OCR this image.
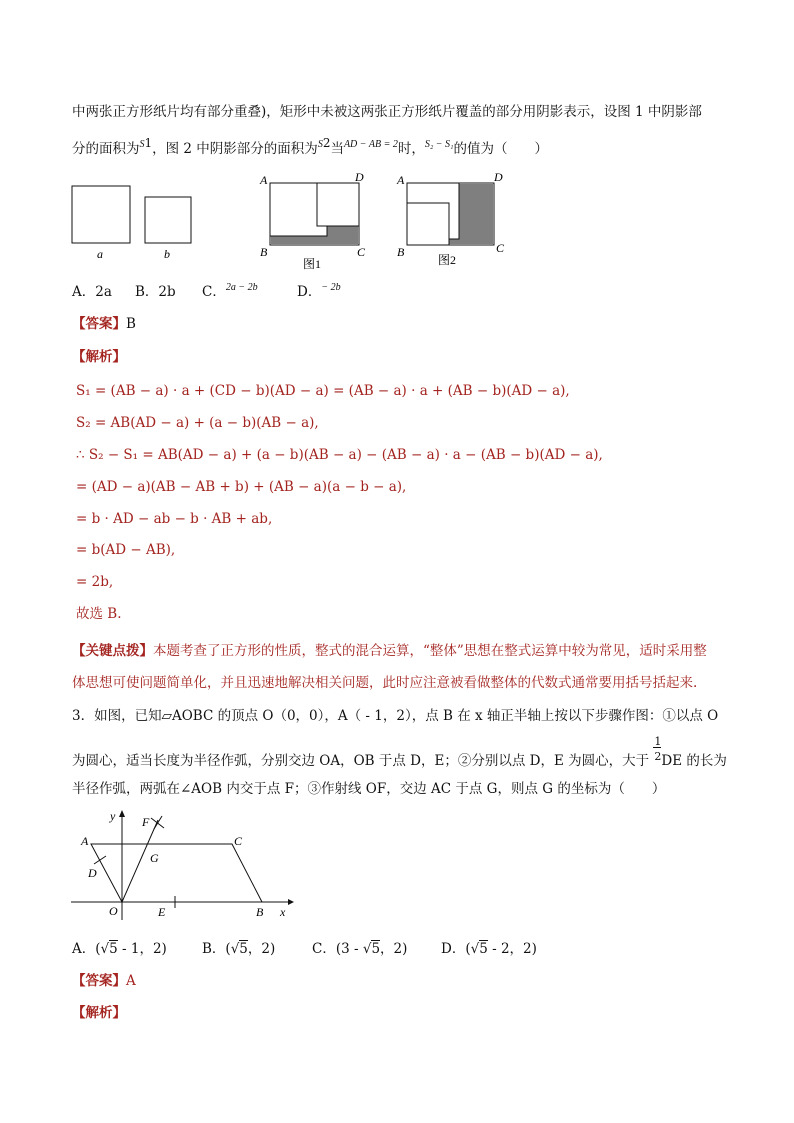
中两张正方形纸片均有部分重叠)，矩形中未被这两张正方形纸片覆盖的部分用阴影表示，设图 1 中阴影部
分的面积为$^{S1}$，图 2 中阴影部分的面积为$^{S2}$当$^{AD - AB = 2}$时，$^{S_2 - S_1}$的值为（　　）
a	b
A	D
B	C
图1
A	D
B	C
图2
A．2a B．2b C．$^{2a - 2b}$	D．$^{- 2b}$
【答案】B
【解析】
S₁ = (AB − a) · a + (CD − b)(AD − a) = (AB − a) · a + (AB − b)(AD − a),
S₂ = AB(AD − a) + (a − b)(AB − a),
∴ S₂ − S₁ = AB(AD − a) + (a − b)(AB − a) − (AB − a) · a − (AB − b)(AD − a),
= (AD − a)(AB − AB + b) + (AB − a)(a − b − a),
= b · AD − ab − b · AB + ab,
= b(AD − AB),
= 2b,
故选 B.
【关键点拨】本题考查了正方形的性质，整式的混合运算，“整体”思想在整式运算中较为常见，适时采用整
体思想可使问题简单化，并且迅速地解决相关问题，此时应注意被看做整体的代数式通常要用括号括起来.
3．如图，已知▱AOBC 的顶点 O（0，0），A（ - 1，2），点 B 在 x 轴正半轴上按以下步骤作图：①以点 O
为圆心，适当长度为半径作弧，分别交边 OA，OB 于点 D，E；②分别以点 D，E 为圆心，大于 $\frac{1}{2}$ DE 的长为
半径作弧，两弧在∠AOB 内交于点 F；③作射线 OF，交边 AC 于点 G，则点 G 的坐标为（　　）
y
x
A	C
F
G
D
O	E	B
A．(√5 - 1，2)	B．(√5，2)	C．(3 - √5，2) D．(√5 - 2，2)
【答案】A
【解析】
